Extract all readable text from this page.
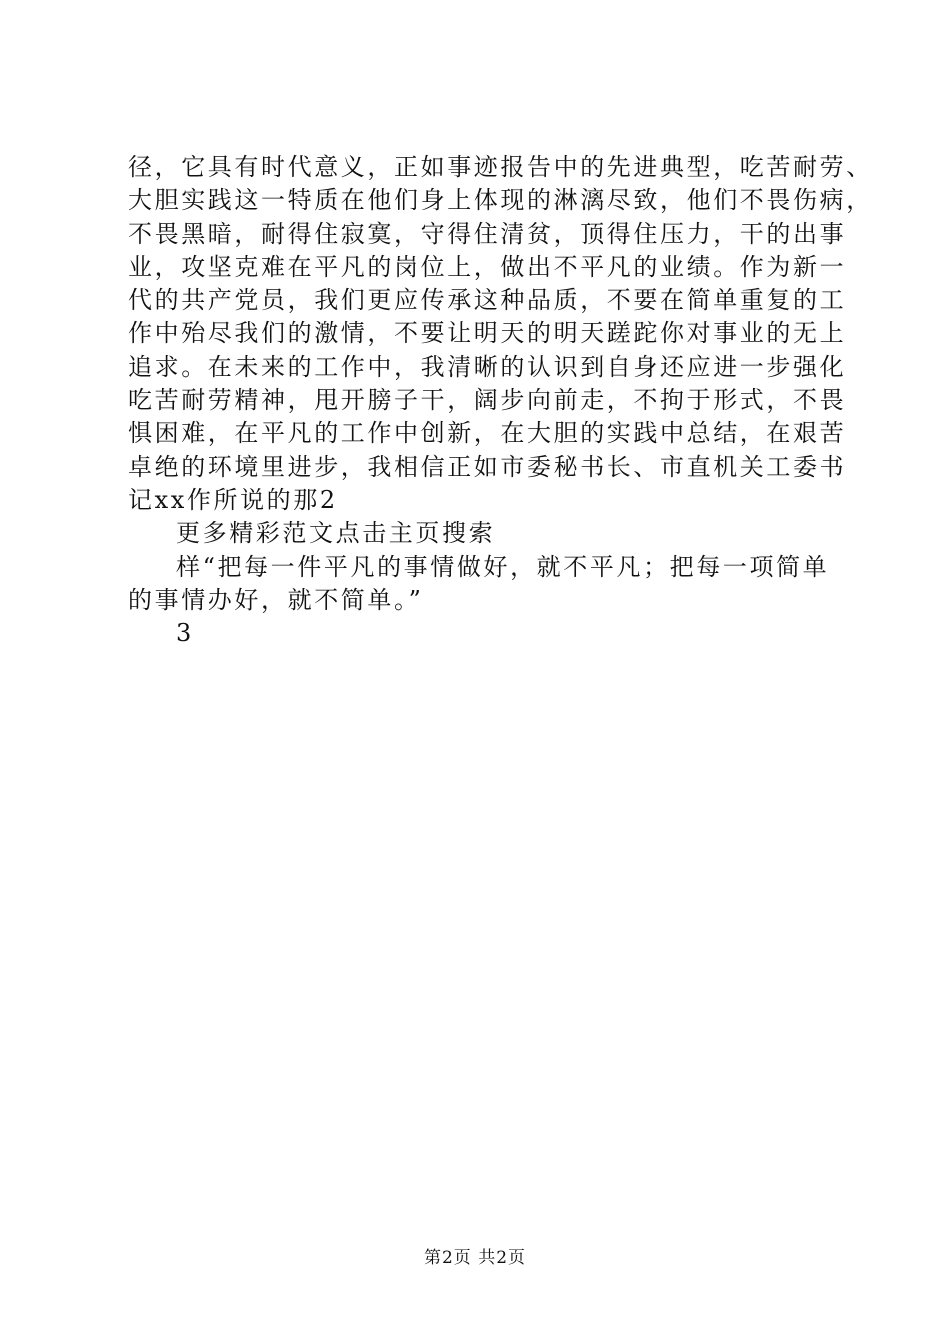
径，它具有时代意义，正如事迹报告中的先进典型，吃苦耐劳、
大胆实践这一特质在他们身上体现的淋漓尽致，他们不畏伤病，
不畏黑暗，耐得住寂寞，守得住清贫，顶得住压力，干的出事
业，攻坚克难在平凡的岗位上，做出不平凡的业绩。作为新一
代的共产党员，我们更应传承这种品质，不要在简单重复的工
作中殆尽我们的激情，不要让明天的明天蹉跎你对事业的无上
追求。在未来的工作中，我清晰的认识到自身还应进一步强化
吃苦耐劳精神，甩开膀子干，阔步向前走，不拘于形式，不畏
惧困难，在平凡的工作中创新，在大胆的实践中总结，在艰苦
卓绝的环境里进步，我相信正如市委秘书长、市直机关工委书
记xx作所说的那2
更多精彩范文点击主页搜索
样“把每一件平凡的事情做好，就不平凡；把每一项简单
的事情办好，就不简单。”
3
第2页 共2页
